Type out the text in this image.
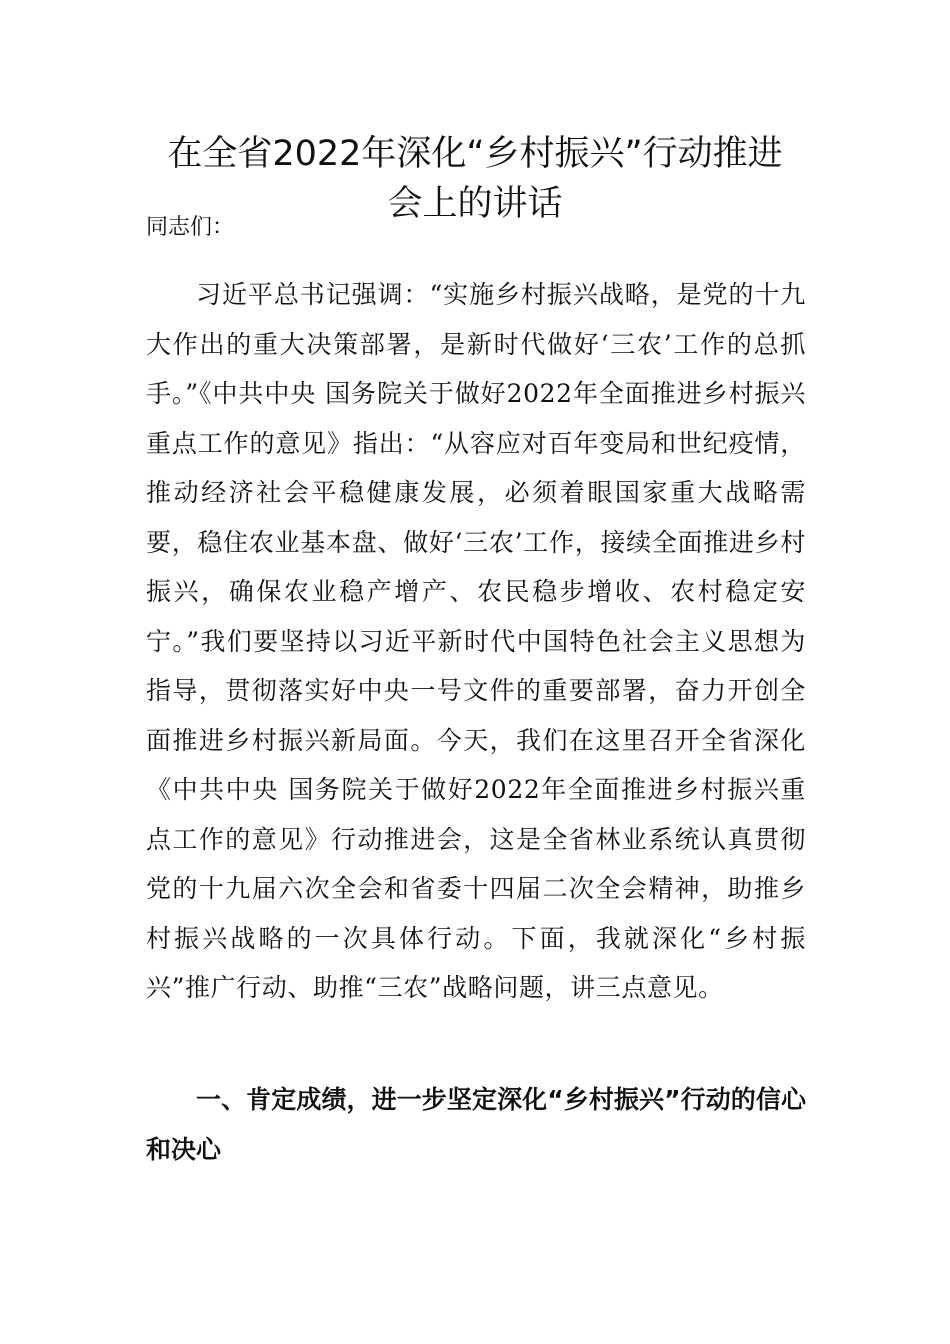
在全省2022年深化“乡村振兴”行动推进
会上的讲话
同志们：

习近平总书记强调：“实施乡村振兴战略，是党的十九大作出的重大决策部署，是新时代做好‘三农’工作的总抓手。”《中共中央 国务院关于做好2022年全面推进乡村振兴重点工作的意见》指出：“从容应对百年变局和世纪疫情，推动经济社会平稳健康发展，必须着眼国家重大战略需要，稳住农业基本盘、做好‘三农’工作，接续全面推进乡村振兴，确保农业稳产增产、农民稳步增收、农村稳定安宁。”我们要坚持以习近平新时代中国特色社会主义思想为指导，贯彻落实好中央一号文件的重要部署，奋力开创全面推进乡村振兴新局面。今天，我们在这里召开全省深化《中共中央 国务院关于做好2022年全面推进乡村振兴重点工作的意见》行动推进会，这是全省林业系统认真贯彻党的十九届六次全会和省委十四届二次全会精神，助推乡村振兴战略的一次具体行动。下面，我就深化“乡村振兴”推广行动、助推“三农”战略问题，讲三点意见。

一、肯定成绩，进一步坚定深化“乡村振兴”行动的信心和决心
